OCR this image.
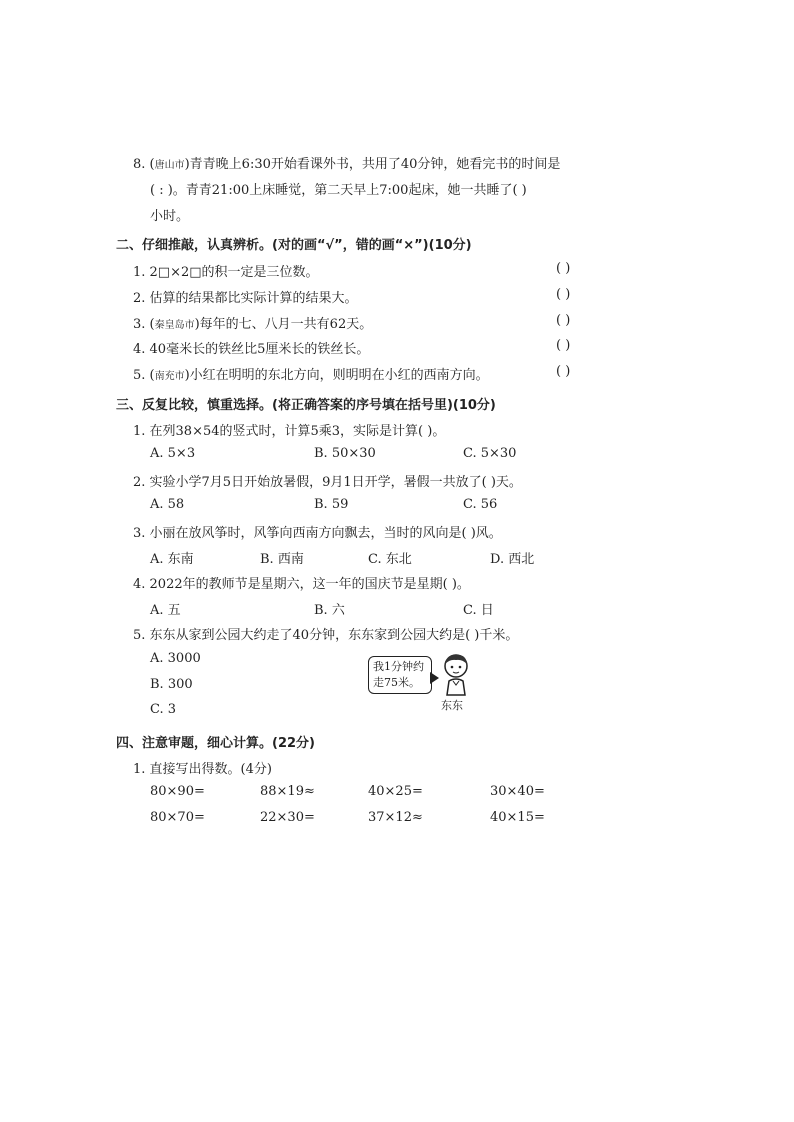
8. (唐山市)青青晚上6:30开始看课外书，共用了40分钟，她看完书的时间是
( : )。青青21:00上床睡觉，第二天早上7:00起床，她一共睡了( )
小时。
二、仔细推敲，认真辨析。(对的画“√”，错的画“×”)(10分)
1. 2□×2□的积一定是三位数。	( )
2. 估算的结果都比实际计算的结果大。	( )
3. (秦皇岛市)每年的七、八月一共有62天。	( )
4. 40毫米长的铁丝比5厘米长的铁丝长。	( )
5. (南充市)小红在明明的东北方向，则明明在小红的西南方向。	( )
三、反复比较，慎重选择。(将正确答案的序号填在括号里)(10分)
1. 在列38×54的竖式时，计算5乘3，实际是计算( )。
A. 5×3	B. 50×30	C. 5×30
2. 实验小学7月5日开始放暑假，9月1日开学，暑假一共放了( )天。
A. 58	B. 59	C. 56
3. 小丽在放风筝时，风筝向西南方向飘去，当时的风向是( )风。
A. 东南	B. 西南	C. 东北	D. 西北
4. 2022年的教师节是星期六，这一年的国庆节是星期( )。
A. 五	B. 六	C. 日
5. 东东从家到公园大约走了40分钟，东东家到公园大约是( )千米。
A. 3000
B. 300
C. 3
我1分钟约
走75米。
东东
四、注意审题，细心计算。(22分)
1. 直接写出得数。(4分)
80×90=	88×19≈	40×25=	30×40=
80×70=	22×30=	37×12≈	40×15=
